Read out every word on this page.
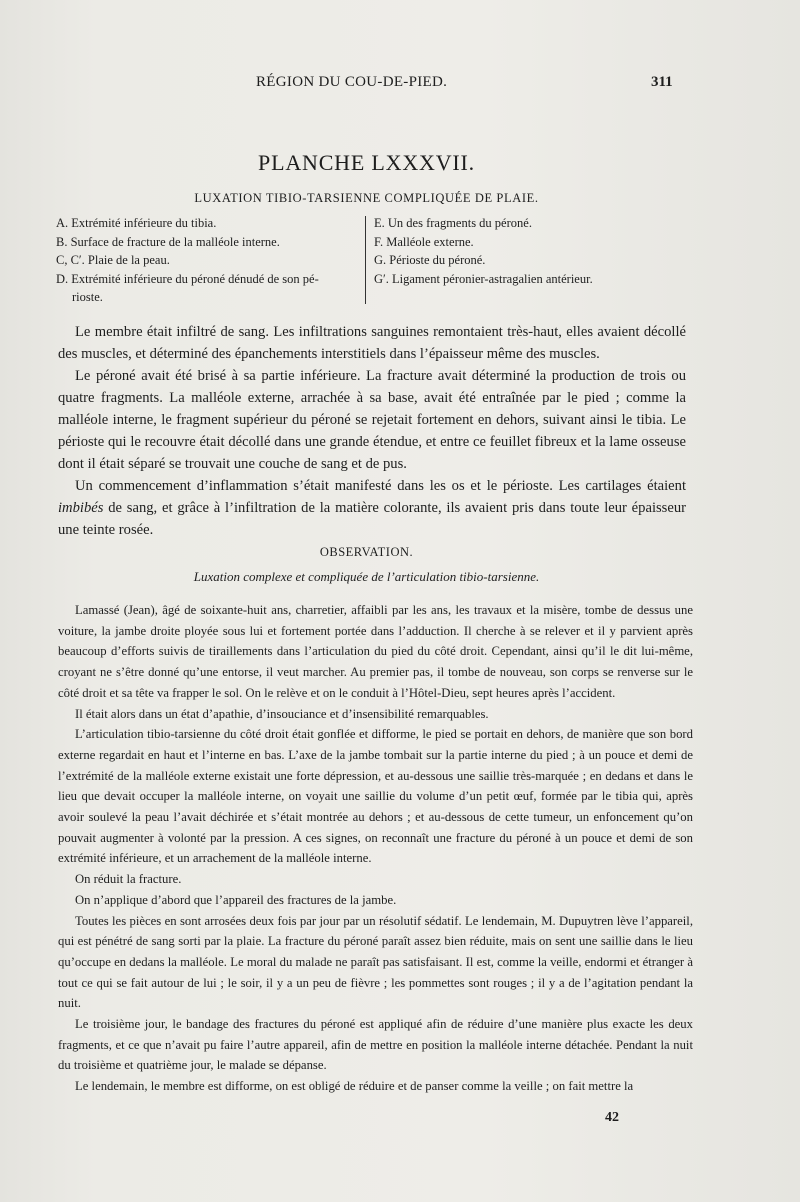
RÉGION DU COU-DE-PIED.	311
PLANCHE LXXXVII.
LUXATION TIBIO-TARSIENNE COMPLIQUÉE DE PLAIE.
A. Extrémité inférieure du tibia.
B. Surface de fracture de la malléole interne.
C, C′. Plaie de la peau.
D. Extrémité inférieure du péroné dénudé de son pé-
rioste.
E. Un des fragments du péroné.
F. Malléole externe.
G. Périoste du péroné.
G′. Ligament péronier-astragalien antérieur.

Le membre était infiltré de sang. Les infiltrations sanguines remontaient très-haut, elles avaient décollé des muscles, et déterminé des épanchements interstitiels dans l’épaisseur même des muscles.

Le péroné avait été brisé à sa partie inférieure. La fracture avait déterminé la production de trois ou quatre fragments. La malléole externe, arrachée à sa base, avait été entraînée par le pied ; comme la malléole interne, le fragment supérieur du péroné se rejetait fortement en dehors, suivant ainsi le tibia. Le périoste qui le recouvre était décollé dans une grande étendue, et entre ce feuillet fibreux et la lame osseuse dont il était séparé se trouvait une couche de sang et de pus.

Un commencement d’inflammation s’était manifesté dans les os et le périoste. Les cartilages étaient imbibés de sang, et grâce à l’infiltration de la matière colorante, ils avaient pris dans toute leur épaisseur une teinte rosée.

OBSERVATION.
Luxation complexe et compliquée de l’articulation tibio-tarsienne.

Lamassé (Jean), âgé de soixante-huit ans, charretier, affaibli par les ans, les travaux et la misère, tombe de dessus une voiture, la jambe droite ployée sous lui et fortement portée dans l’adduction. Il cherche à se relever et il y parvient après beaucoup d’efforts suivis de tiraillements dans l’articulation du pied du côté droit. Cependant, ainsi qu’il le dit lui-même, croyant ne s’être donné qu’une entorse, il veut marcher. Au premier pas, il tombe de nouveau, son corps se renverse sur le côté droit et sa tête va frapper le sol. On le relève et on le conduit à l’Hôtel-Dieu, sept heures après l’accident.

Il était alors dans un état d’apathie, d’insouciance et d’insensibilité remarquables.

L’articulation tibio-tarsienne du côté droit était gonflée et difforme, le pied se portait en dehors, de manière que son bord externe regardait en haut et l’interne en bas. L’axe de la jambe tombait sur la partie interne du pied ; à un pouce et demi de l’extrémité de la malléole externe existait une forte dépression, et au-dessous une saillie très-marquée ; en dedans et dans le lieu que devait occuper la malléole interne, on voyait une saillie du volume d’un petit œuf, formée par le tibia qui, après avoir soulevé la peau l’avait déchirée et s’était montrée au dehors ; et au-dessous de cette tumeur, un enfoncement qu’on pouvait augmenter à volonté par la pression. A ces signes, on reconnaît une fracture du péroné à un pouce et demi de son extrémité inférieure, et un arrachement de la malléole interne.

On réduit la fracture.

On n’applique d’abord que l’appareil des fractures de la jambe.

Toutes les pièces en sont arrosées deux fois par jour par un résolutif sédatif. Le lendemain, M. Dupuytren lève l’appareil, qui est pénétré de sang sorti par la plaie. La fracture du péroné paraît assez bien réduite, mais on sent une saillie dans le lieu qu’occupe en dedans la malléole. Le moral du malade ne paraît pas satisfaisant. Il est, comme la veille, endormi et étranger à tout ce qui se fait autour de lui ; le soir, il y a un peu de fièvre ; les pommettes sont rouges ; il y a de l’agitation pendant la nuit.

Le troisième jour, le bandage des fractures du péroné est appliqué afin de réduire d’une manière plus exacte les deux fragments, et ce que n’avait pu faire l’autre appareil, afin de mettre en position la malléole interne détachée. Pendant la nuit du troisième et quatrième jour, le malade se dépanse.

Le lendemain, le membre est difforme, on est obligé de réduire et de panser comme la veille ; on fait mettre la

42
